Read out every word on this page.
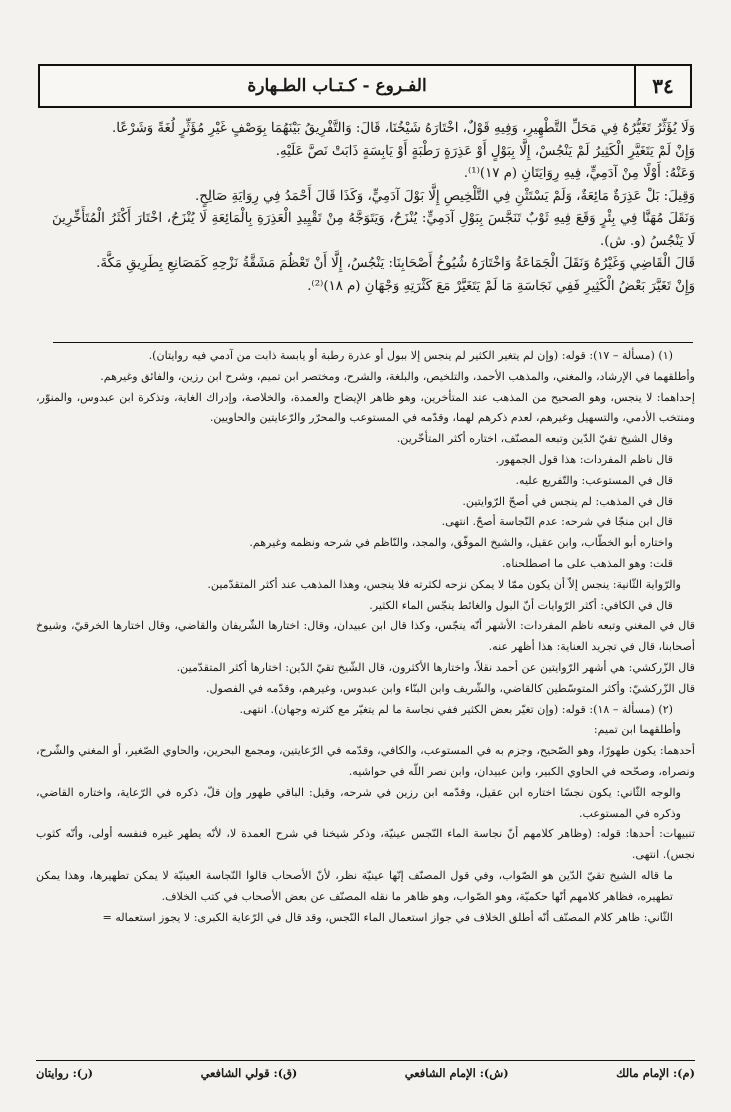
الفـروع - كـتـاب الطـهارة	٣٤

وَلَا يُؤَثِّرُ تَغَيُّرُهُ فِي مَحَلِّ التَّطْهِيرِ، وَفِيهِ قَوْلٌ، اخْتَارَهُ شَيْخُنَا، قَالَ: وَالتَّفْرِيقُ بَيْنَهُمَا بِوَصْفٍ غَيْرِ مُؤَثِّرٍ لُغَةً وَشَرْعًا.

وَإِنْ لَمْ يَتَغَيَّرِ الْكَثِيرُ لَمْ يَنْجُسْ، إِلَّا بِبَوْلٍ أَوْ عَذِرَةٍ رَطْبَةٍ أَوْ يَابِسَةٍ ذَابَتْ نَصَّ عَلَيْهِ.

وَعَنْهُ: أَوْلًا مِنْ آدَمِيٍّ، فِيهِ رِوَايَتَانِ (م ١٧)⁽¹⁾.

وَقِيلَ: بَلْ عَذِرَةٌ مَائِعَةٌ، وَلَمْ يَسْتَثْنِ فِي التَّلْخِيصِ إِلَّا بَوْلَ آدَمِيٍّ، وَكَذَا قَالَ أَحْمَدُ فِي رِوَايَةِ صَالِحٍ.

وَنَقَلَ مُهَنَّا فِي بِئْرٍ وَقَعَ فِيهِ ثَوْبٌ تَنَجَّسَ بِبَوْلِ آدَمِيٍّ: يُنْزَحُ، وَيَتَوَجَّهُ مِنْ تَقْيِيدِ الْعَذِرَةِ بِالْمَائِعَةِ لَا يُنْزَحُ، اخْتَارَ أَكْثَرُ الْمُتَأَخِّرِينَ لَا يَنْجُسُ (و. ش).

قَالَ الْقَاضِي وَغَيْرُهُ وَنَقَلَ الْجَمَاعَةُ وَاخْتَارَهُ شُيُوخُ أَصْحَابِنَا: يَنْجُسُ، إِلَّا أَنْ تَعْظُمَ مَشَقَّةُ نَزْحِهِ كَمَصَانِعِ بِطَرِيقِ مَكَّةَ.

وَإِنْ تَغَيَّرَ بَعْضُ الْكَثِيرِ فَفِي نَجَاسَةِ مَا لَمْ يَتَغَيَّرْ مَعَ كَثْرَتِهِ وَجْهَانِ (م ١٨)⁽²⁾.

(١) (مسألة – ١٧): قوله: (وإن لم يتغير الكثير لم ينجس إلا ببول أو عذرة رطبة أو يابسة ذابت من آدمي فيه روايتان).

وأطلقهما في الإرشاد، والمغني، والمذهب الأحمد، والتلخيص، والبلغة، والشرح، ومختصر ابن تميم، وشرح ابن رزين، والفائق وغيرهم.

إحداهما: لا ينجس، وهو الصحيح من المذهب عند المتأخرين، وهو ظاهر الإيضاح والعمدة، والخلاصة، وإدراك الغاية، وتذكرة ابن عبدوس، والمنوّر، ومنتخب الأدمي، والتسهيل وغيرهم، لعدم ذكرهم لهما، وقدّمه في المستوعب والمحرّر والرّعايتين والحاويين.

وقال الشيخ تقيّ الدّين وتبعه المصنّف، اختاره أكثر المتأخّرين.

قال ناظم المفردات: هذا قول الجمهور.

قال في المستوعب: والتّفريع عليه.

قال في المذهب: لم ينجس في أصحّ الرّوايتين.

قال ابن منجّا في شرحه: عدم النّجاسة أصحّ. انتهى.

واختاره أبو الخطّاب، وابن عقيل، والشيخ الموفّق، والمجد، والنّاظم في شرحه ونظمه وغيرهم.

قلت: وهو المذهب على ما اصطلحناه.

والرّواية الثّانية: ينجس إلاّ أن يكون ممّا لا يمكن نزحه لكثرته فلا ينجس، وهذا المذهب عند أكثر المتقدّمين.

قال في الكافي: أكثر الرّوايات أنّ البول والغائط ينجّس الماء الكثير.

قال في المغني وتبعه ناظم المفردات: الأشهر أنّه ينجّس، وكذا قال ابن عبيدان، وقال: اختارها الشّريفان والقاضي، وقال اختارها الخرقيّ، وشيوخ أصحابنا، قال في تجريد العناية: هذا أظهر عنه.

قال الزّركشي: هي أشهر الرّوايتين عن أحمد نقلاً، واختارها الأكثرون، قال الشّيخ تقيّ الدّين: اختارها أكثر المتقدّمين.

قال الزّركشيّ: وأكثر المتوسّطين كالقاضي، والشّريف وابن البنّاء وابن عبدوس، وغيرهم، وقدّمه في الفصول.

(٢) (مسألة – ١٨): قوله: (وإن تغيّر بعض الكثير ففي نجاسة ما لم يتغيّر مع كثرته وجهان). انتهى.

وأطلقهما ابن تميم:

أحدهما: يكون طهورًا، وهو الصّحيح، وجزم به في المستوعب، والكافي، وقدّمه في الرّعايتين، ومجمع البحرين، والحاوي الصّغير، أو المغني والشّرح، ونصراه، وصحّحه في الحاوي الكبير، وابن عبيدان، وابن نصر اللّه في حواشيه.

والوجه الثّاني: يكون نجسًا اختاره ابن عقيل، وقدّمه ابن رزين في شرحه، وقيل: الباقي طهور وإن قلّ، ذكره في الرّعاية، واختاره القاضي، وذكره في المستوعب.

تنبيهات: أحدها: قوله: (وظاهر كلامهم أنّ نجاسة الماء النّجس عينيّة، وذكر شيخنا في شرح العمدة لا، لأنّه يطهر غيره فنفسه أولى، وأنّه كثوب نجس). انتهى.

ما قاله الشيخ تقيّ الدّين هو الصّواب، وفي قول المصنّف إنّها عينيّة نظر، لأنّ الأصحاب قالوا النّجاسة العينيّة لا يمكن تطهيرها، وهذا يمكن تطهيره، فظاهر كلامهم أنّها حكميّة، وهو الصّواب، وهو ظاهر ما نقله المصنّف عن بعض الأصحاب في كتب الخلاف.

الثّاني: ظاهر كلام المصنّف أنّه أطلق الخلاف في جواز استعمال الماء النّجس، وقد قال في الرّعاية الكبرى: لا يجوز استعماله =

(م): الإمام مالك
(ش): الإمام الشافعي
(ق): قولي الشافعي
(ر): روايتان
